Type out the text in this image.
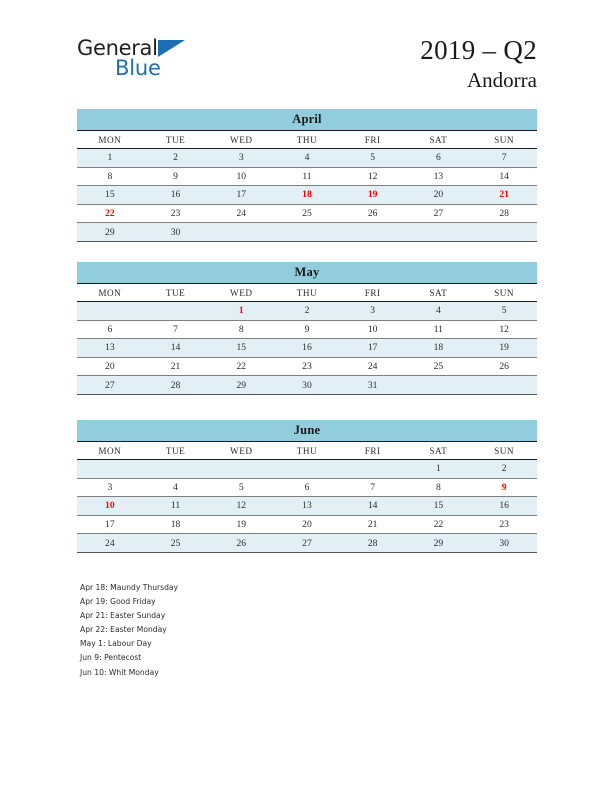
General
Blue
2019 – Q2
Andorra
April						
MON	TUE	WED	THU	FRI	SAT	SUN
1	2	3	4	5	6	7
8	9	10	11	12	13	14
15	16	17	18	19	20	21
22	23	24	25	26	27	28
29	30					
May						
MON	TUE	WED	THU	FRI	SAT	SUN
		1	2	3	4	5
6	7	8	9	10	11	12
13	14	15	16	17	18	19
20	21	22	23	24	25	26
27	28	29	30	31		
June						
MON	TUE	WED	THU	FRI	SAT	SUN
					1	2
3	4	5	6	7	8	9
10	11	12	13	14	15	16
17	18	19	20	21	22	23
24	25	26	27	28	29	30
Apr 18: Maundy Thursday
Apr 19: Good Friday
Apr 21: Easter Sunday
Apr 22: Easter Monday
May 1: Labour Day
Jun 9: Pentecost
Jun 10: Whit Monday
